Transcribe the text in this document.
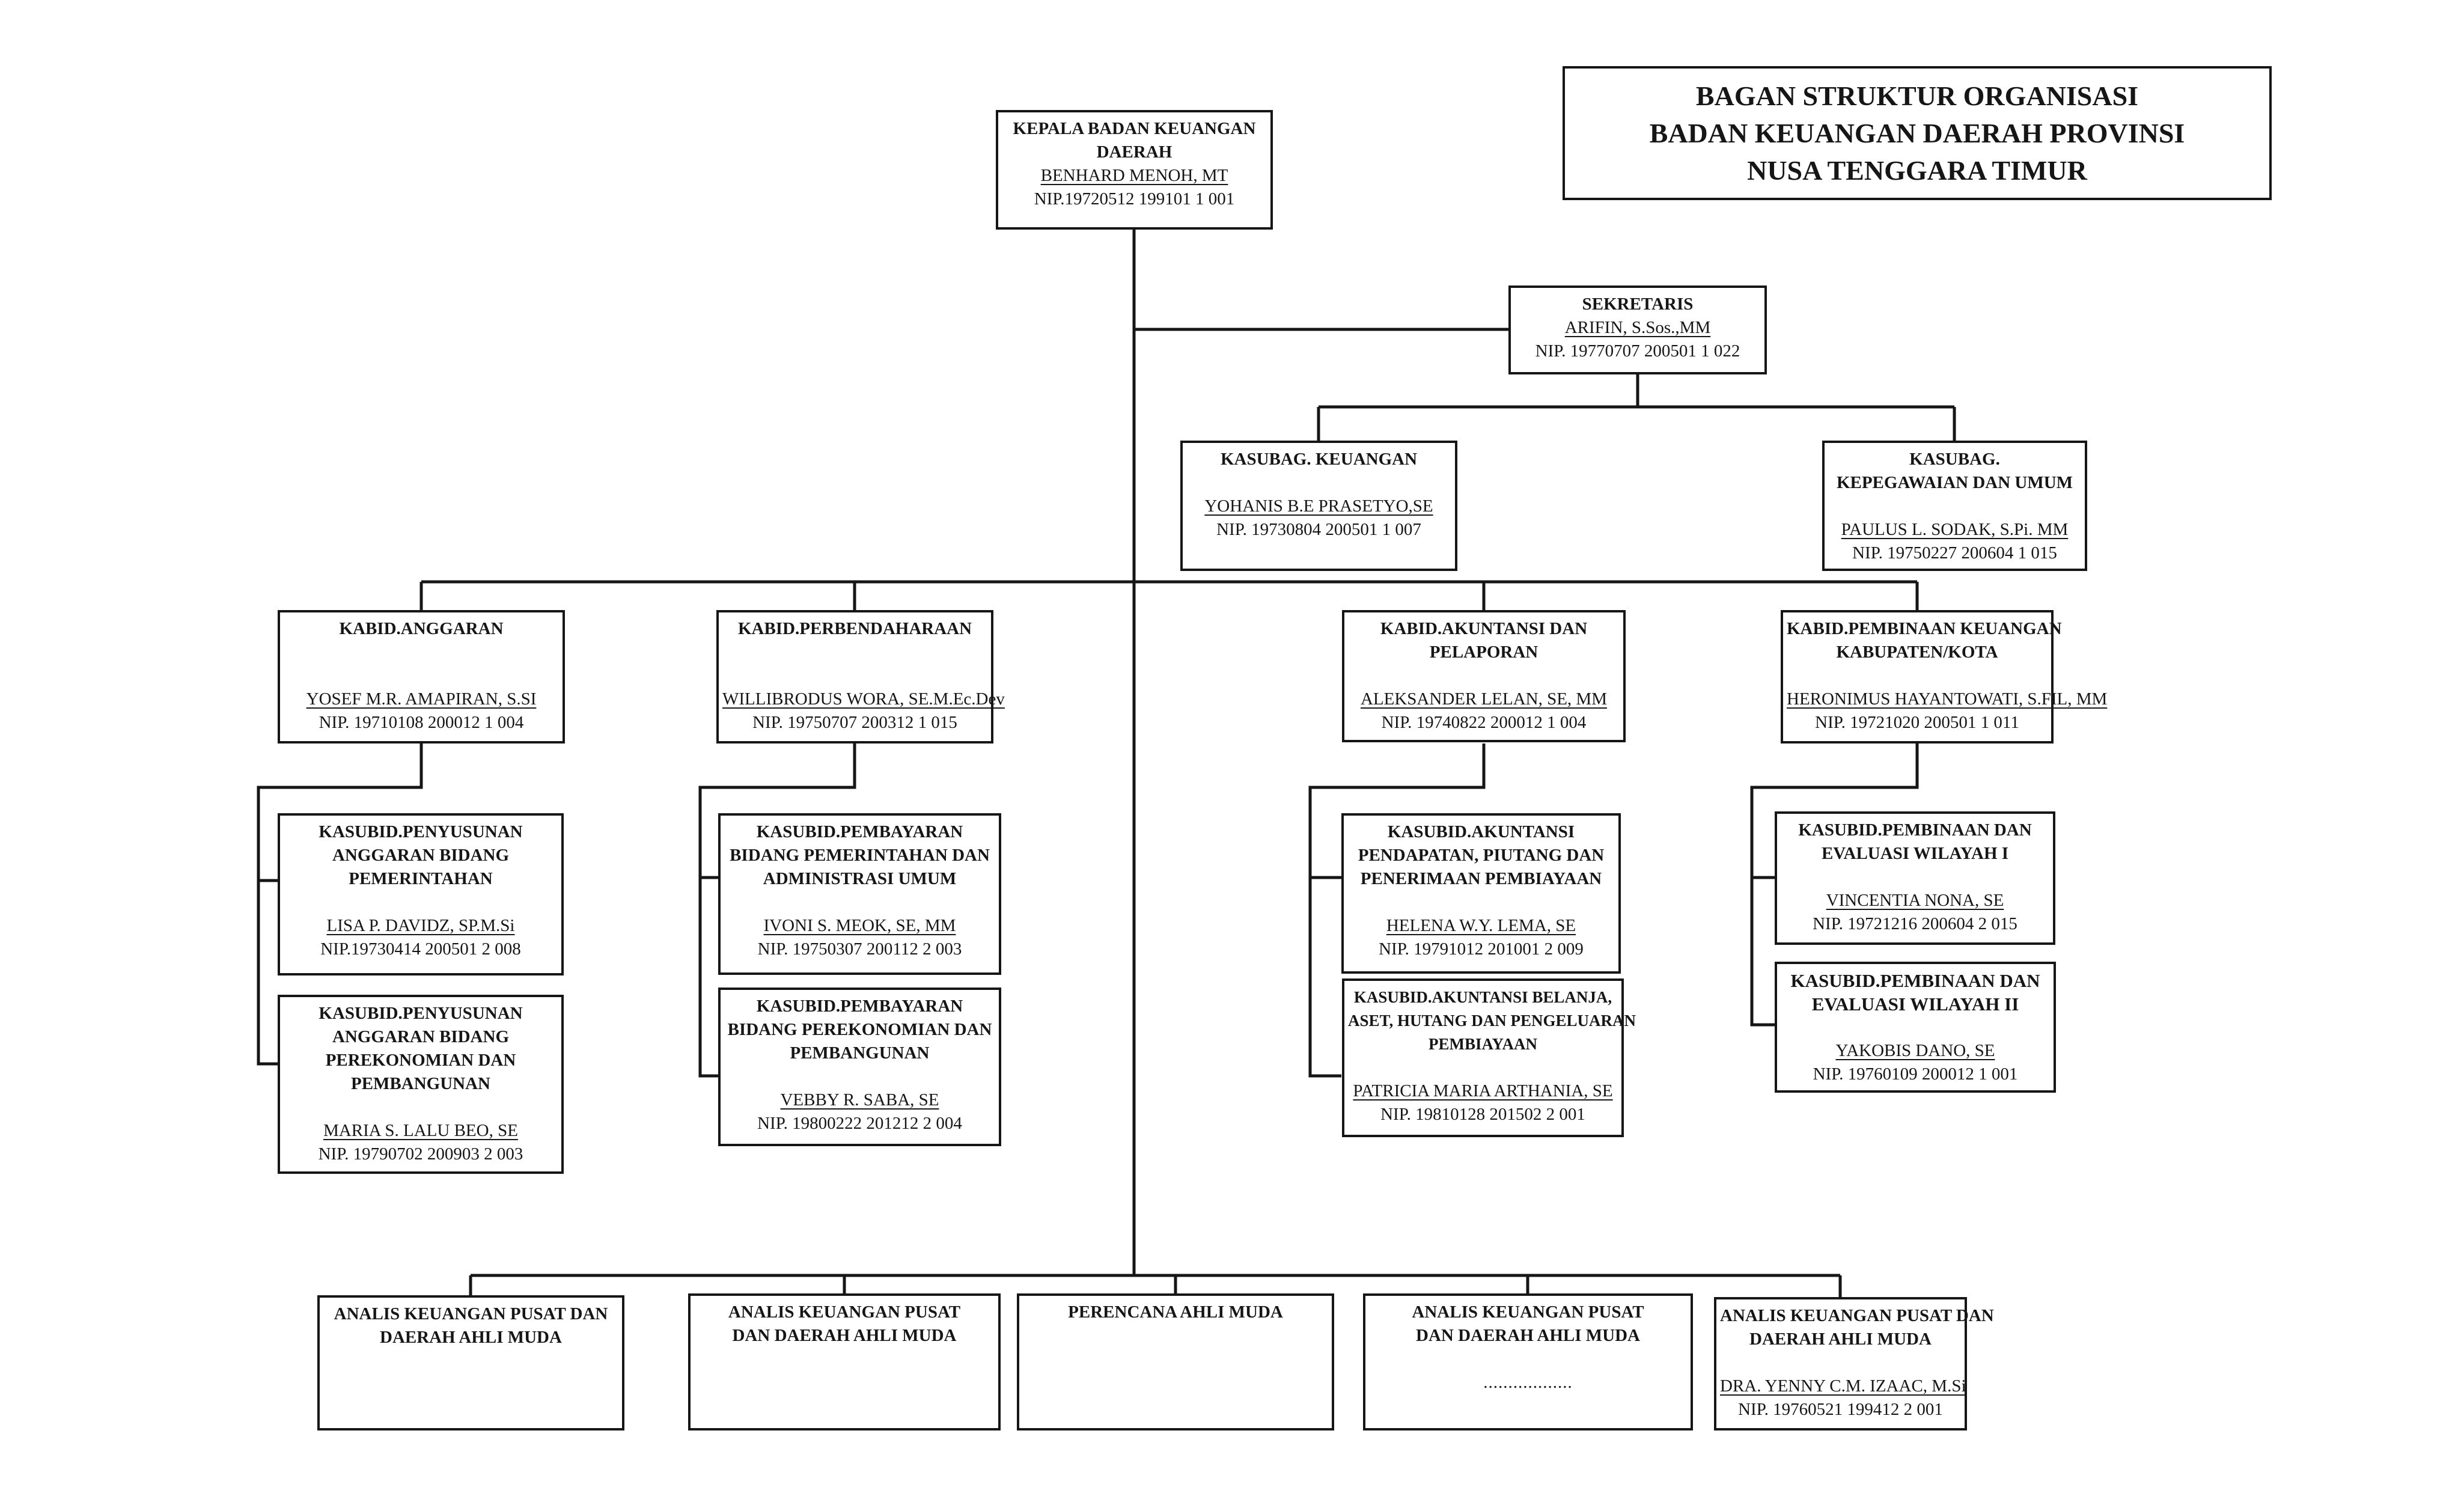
BAGAN STRUKTUR ORGANISASI
BADAN KEUANGAN DAERAH PROVINSI
NUSA TENGGARA TIMUR
KEPALA BADAN KEUANGAN
DAERAH
BENHARD MENOH, MT
NIP.19720512 199101 1 001
SEKRETARIS
ARIFIN, S.Sos.,MM
NIP. 19770707 200501 1 022
KASUBAG. KEUANGAN
YOHANIS B.E PRASETYO,SE
NIP. 19730804 200501 1 007
KASUBAG.
KEPEGAWAIAN DAN UMUM
PAULUS L. SODAK, S.Pi. MM
NIP. 19750227 200604 1 015
KABID.ANGGARAN
YOSEF M.R. AMAPIRAN, S.SI
NIP. 19710108 200012 1 004
KABID.PERBENDAHARAAN
WILLIBRODUS WORA, SE.M.Ec.Dev
NIP. 19750707 200312 1 015
KABID.AKUNTANSI DAN
PELAPORAN
ALEKSANDER LELAN, SE, MM
NIP. 19740822 200012 1 004
KABID.PEMBINAAN KEUANGAN
KABUPATEN/KOTA
HERONIMUS HAYANTOWATI, S.FIL, MM
NIP. 19721020 200501 1 011
KASUBID.PENYUSUNAN
ANGGARAN BIDANG
PEMERINTAHAN
LISA P. DAVIDZ, SP.M.Si
NIP.19730414 200501 2 008
KASUBID.PENYUSUNAN
ANGGARAN BIDANG
PEREKONOMIAN DAN
PEMBANGUNAN
MARIA S. LALU BEO, SE
NIP. 19790702 200903 2 003
KASUBID.PEMBAYARAN
BIDANG PEMERINTAHAN DAN
ADMINISTRASI UMUM
IVONI S. MEOK, SE, MM
NIP. 19750307 200112 2 003
KASUBID.PEMBAYARAN
BIDANG PEREKONOMIAN DAN
PEMBANGUNAN
VEBBY R. SABA, SE
NIP. 19800222 201212 2 004
KASUBID.AKUNTANSI
PENDAPATAN, PIUTANG DAN
PENERIMAAN PEMBIAYAAN
HELENA W.Y. LEMA, SE
NIP. 19791012 201001 2 009
KASUBID.AKUNTANSI BELANJA,
ASET, HUTANG DAN PENGELUARAN
PEMBIAYAAN
PATRICIA MARIA ARTHANIA, SE
NIP. 19810128 201502 2 001
KASUBID.PEMBINAAN DAN
EVALUASI WILAYAH I
VINCENTIA NONA, SE
NIP. 19721216 200604 2 015
KASUBID.PEMBINAAN DAN
EVALUASI WILAYAH II
YAKOBIS DANO, SE
NIP. 19760109 200012 1 001
ANALIS KEUANGAN PUSAT DAN
DAERAH AHLI MUDA
ANALIS KEUANGAN PUSAT
DAN DAERAH AHLI MUDA
PERENCANA AHLI MUDA	ANALIS KEUANGAN PUSAT
DAN DAERAH AHLI MUDA
..................
ANALIS KEUANGAN PUSAT DAN
DAERAH AHLI MUDA
DRA. YENNY C.M. IZAAC, M.Si
NIP. 19760521 199412 2 001
